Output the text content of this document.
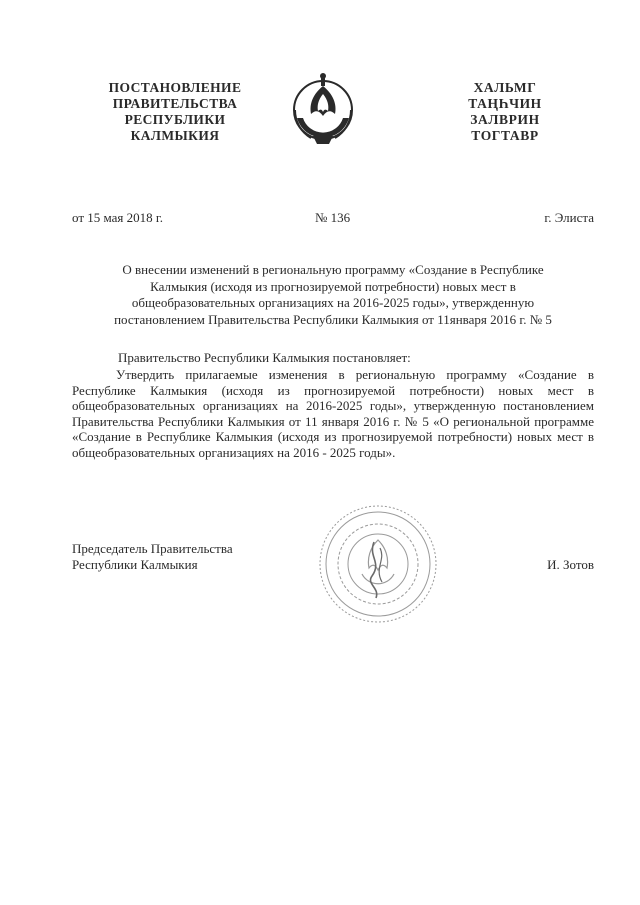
ПОСТАНОВЛЕНИЕ
ПРАВИТЕЛЬСТВА
РЕСПУБЛИКИ
КАЛМЫКИЯ
ХАЛЬМГ
ТАҢҺЧИН
ЗАЛВРИН
ТОГТАВР
от 15 мая 2018 г.	№ 136	г. Элиста
О внесении изменений в региональную программу «Создание в Республике
Калмыкия (исходя из прогнозируемой потребности) новых мест в
общеобразовательных организациях на 2016-2025 годы», утвержденную
постановлением Правительства Республики Калмыкия от 11января 2016 г. № 5
Правительство Республики Калмыкия постановляет:

Утвердить прилагаемые изменения в региональную программу «Создание в Республике Калмыкия (исходя из прогнозируемой потребности) новых мест в общеобразовательных организациях на 2016-2025 годы», утвержденную постановлением Правительства Республики Калмыкия от 11 января 2016 г. № 5 «О региональной программе «Создание в Республике Калмыкия (исходя из прогнозируемой потребности) новых мест в общеобразовательных организациях на 2016 - 2025 годы».

Председатель Правительства
Республики Калмыкия	И. Зотов
